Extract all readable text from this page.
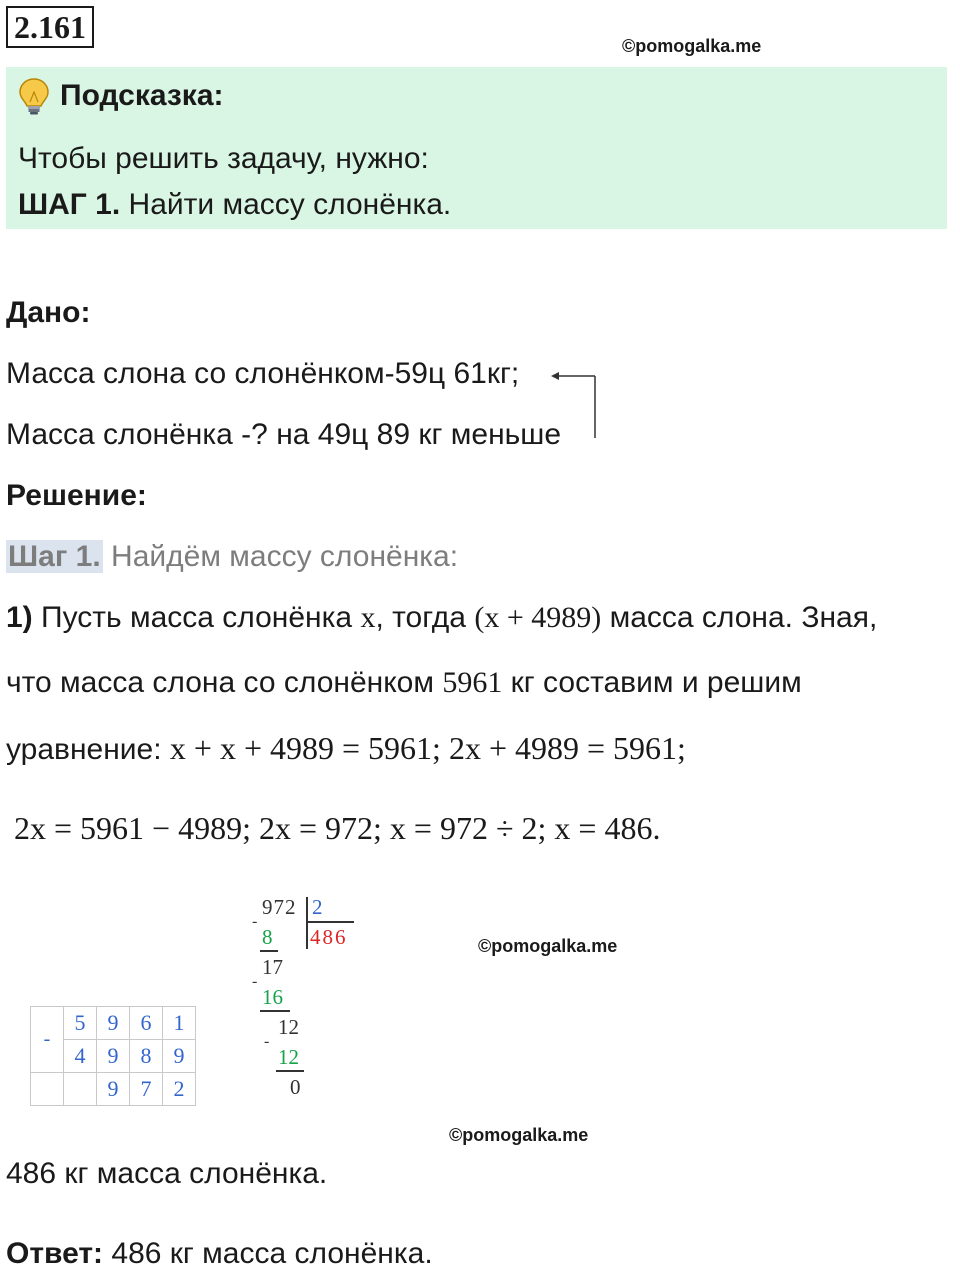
2.161
©pomogalka.me
Подсказка:
Чтобы решить задачу, нужно:
ШАГ 1. Найти массу слонёнка.
Дано:
Масса слона со слонёнком-59ц 61кг;
Масса слонёнка -? на 49ц 89 кг меньше
Решение:
Шаг 1. Найдём массу слонёнка:
1) Пусть масса слонёнка x, тогда (x + 4989) масса слона. Зная,
что масса слона со слонёнком 5961 кг составим и решим
уравнение: x + x + 4989 = 5961; 2x + 4989 = 5961;
2x = 5961 − 4989; 2x = 972; x = 972 ÷ 2; x = 486.
972 2
486
-
8
17
-
16
12
-
12
0
©pomogalka.me
-	5	9	6	1
	4	9	8	9
		9	7	2
©pomogalka.me
486 кг масса слонёнка.
Ответ: 486 кг масса слонёнка.
